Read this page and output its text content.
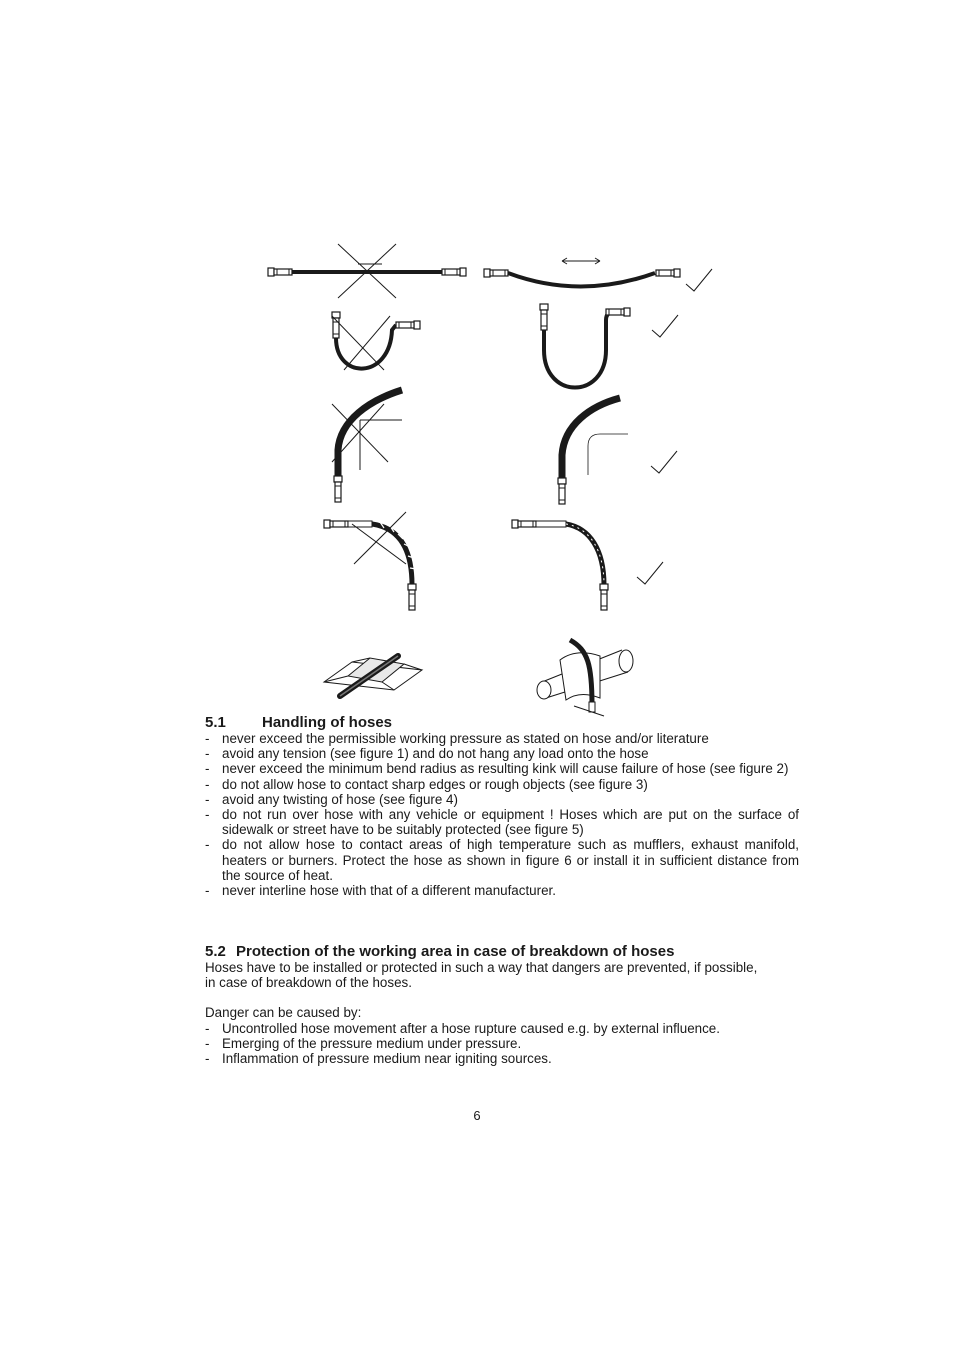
5.1 Handling of hoses
- never exceed the permissible working pressure as stated on hose and/or literature
- avoid any tension (see figure 1) and do not hang any load onto the hose
- never exceed the minimum bend radius as resulting kink will cause failure of hose (see figure 2)
- do not allow hose to contact sharp edges or rough objects (see figure 3)
- avoid any twisting of hose (see figure 4)
- do not run over hose with any vehicle or equipment ! Hoses which are put on the surface of sidewalk or street have to be suitably protected (see figure 5)
- do not allow hose to contact areas of high temperature such as mufflers, exhaust manifold, heaters or burners. Protect the hose as shown in figure 6 or install it in sufficient distance from the source of heat.
- never interline hose with that of a different manufacturer.
5.2 Protection of the working area in case of breakdown of hoses
Hoses have to be installed or protected in such a way that dangers are prevented, if possible, in case of breakdown of the hoses.
Danger can be caused by:
- Uncontrolled hose movement after a hose rupture caused e.g. by external influence.
- Emerging of the pressure medium under pressure.
- Inflammation of pressure medium near igniting sources.
6
